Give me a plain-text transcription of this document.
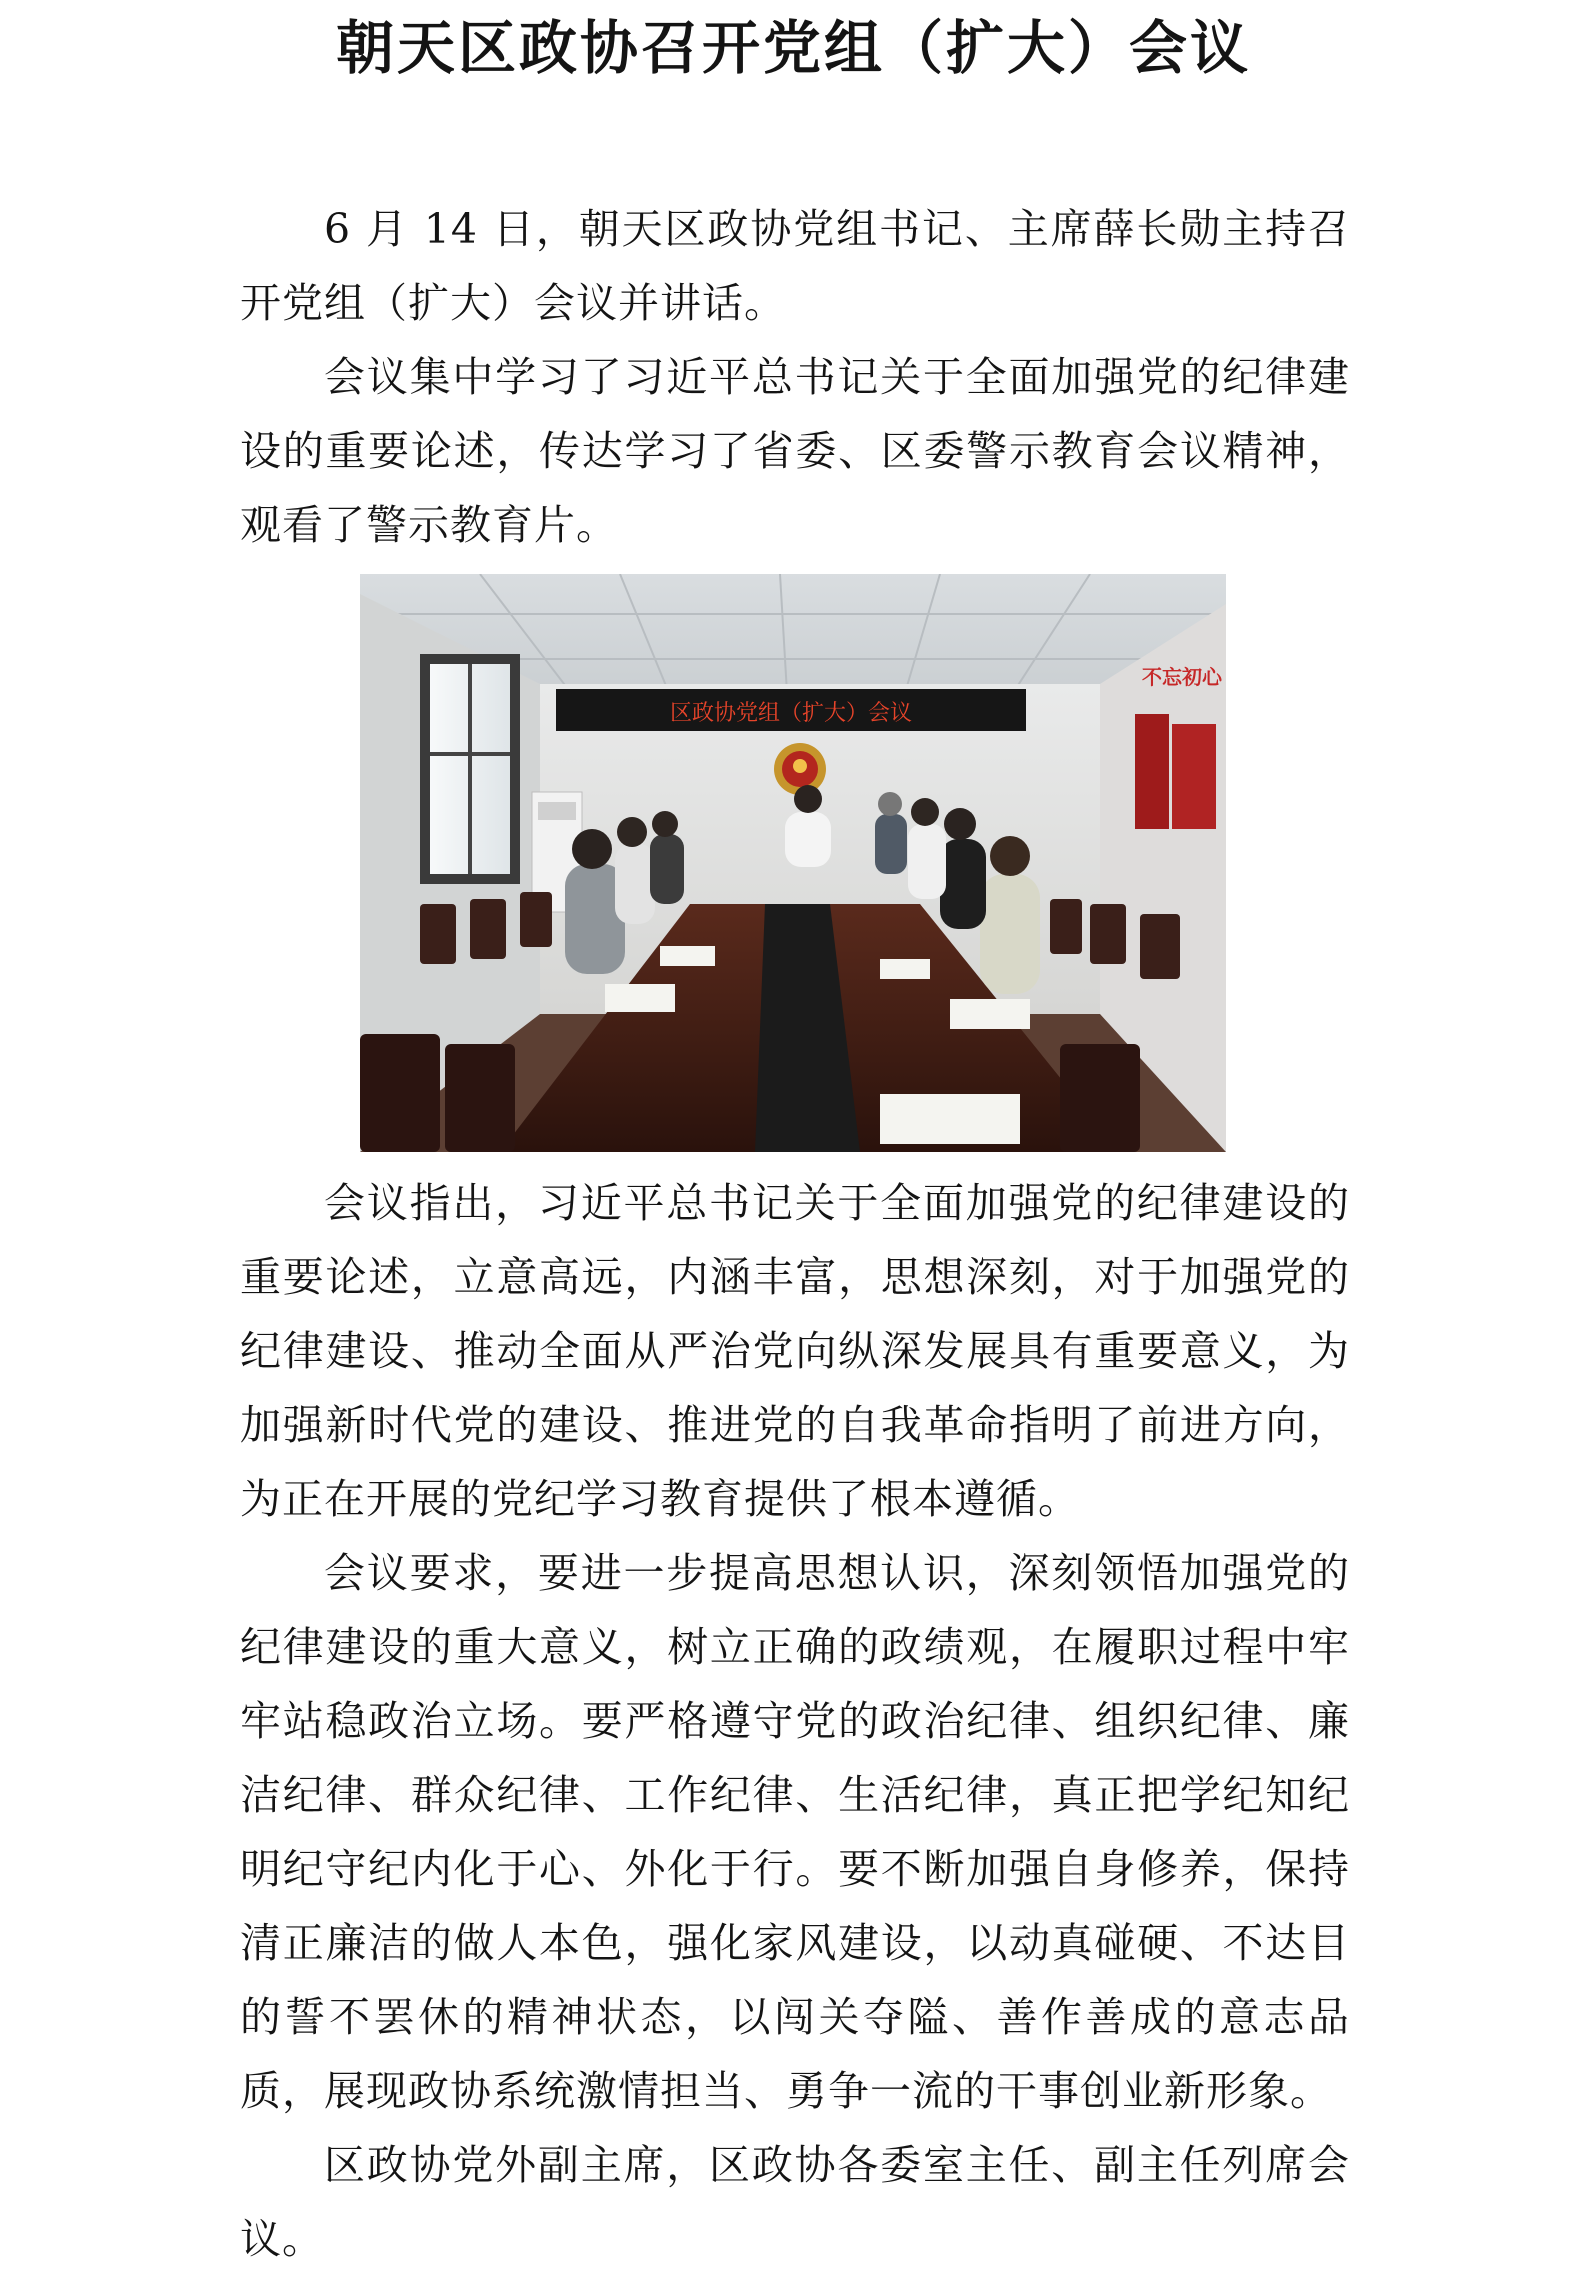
朝天区政协召开党组（扩大）会议

6 月 14 日，朝天区政协党组书记、主席薛长勋主持召开党组（扩大）会议并讲话。

会议集中学习了习近平总书记关于全面加强党的纪律建设的重要论述，传达学习了省委、区委警示教育会议精神，观看了警示教育片。

区政协党组（扩大）会议
不忘初心

会议指出，习近平总书记关于全面加强党的纪律建设的重要论述，立意高远，内涵丰富，思想深刻，对于加强党的纪律建设、推动全面从严治党向纵深发展具有重要意义，为加强新时代党的建设、推进党的自我革命指明了前进方向，为正在开展的党纪学习教育提供了根本遵循。

会议要求，要进一步提高思想认识，深刻领悟加强党的纪律建设的重大意义，树立正确的政绩观，在履职过程中牢牢站稳政治立场。要严格遵守党的政治纪律、组织纪律、廉洁纪律、群众纪律、工作纪律、生活纪律，真正把学纪知纪明纪守纪内化于心、外化于行。要不断加强自身修养，保持清正廉洁的做人本色，强化家风建设，以动真碰硬、不达目的誓不罢休的精神状态，以闯关夺隘、善作善成的意志品质，展现政协系统激情担当、勇争一流的干事创业新形象。

区政协党外副主席，区政协各委室主任、副主任列席会议。
